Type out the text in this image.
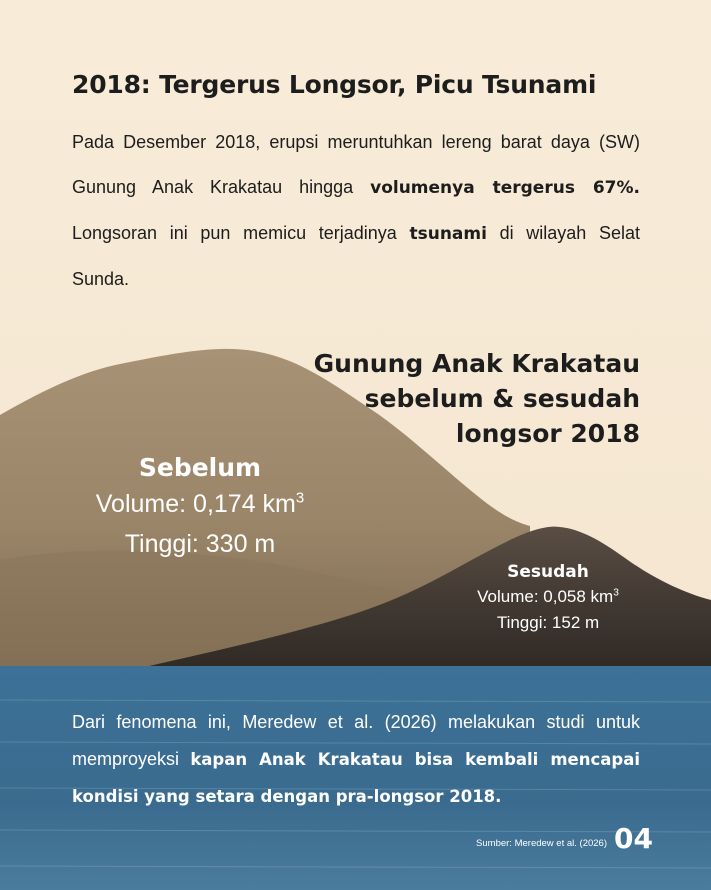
2018: Tergerus Longsor, Picu Tsunami

Pada Desember 2018, erupsi meruntuhkan lereng barat daya (SW) Gunung Anak Krakatau hingga volumenya tergerus 67%. Longsoran ini pun memicu terjadinya tsunami di wilayah Selat Sunda.

Gunung Anak Krakatau
sebelum & sesudah
longsor 2018
Sebelum
Volume: 0,174 $km^3$
Tinggi: 330 m
Sesudah
Volume: 0,058 $km^3$
Tinggi: 152 m

Dari fenomena ini, Meredew et al. (2026) melakukan studi untuk memproyeksi kapan Anak Krakatau bisa kembali mencapai kondisi yang setara dengan pra-longsor 2018.

Sumber: Meredew et al. (2026) 04
